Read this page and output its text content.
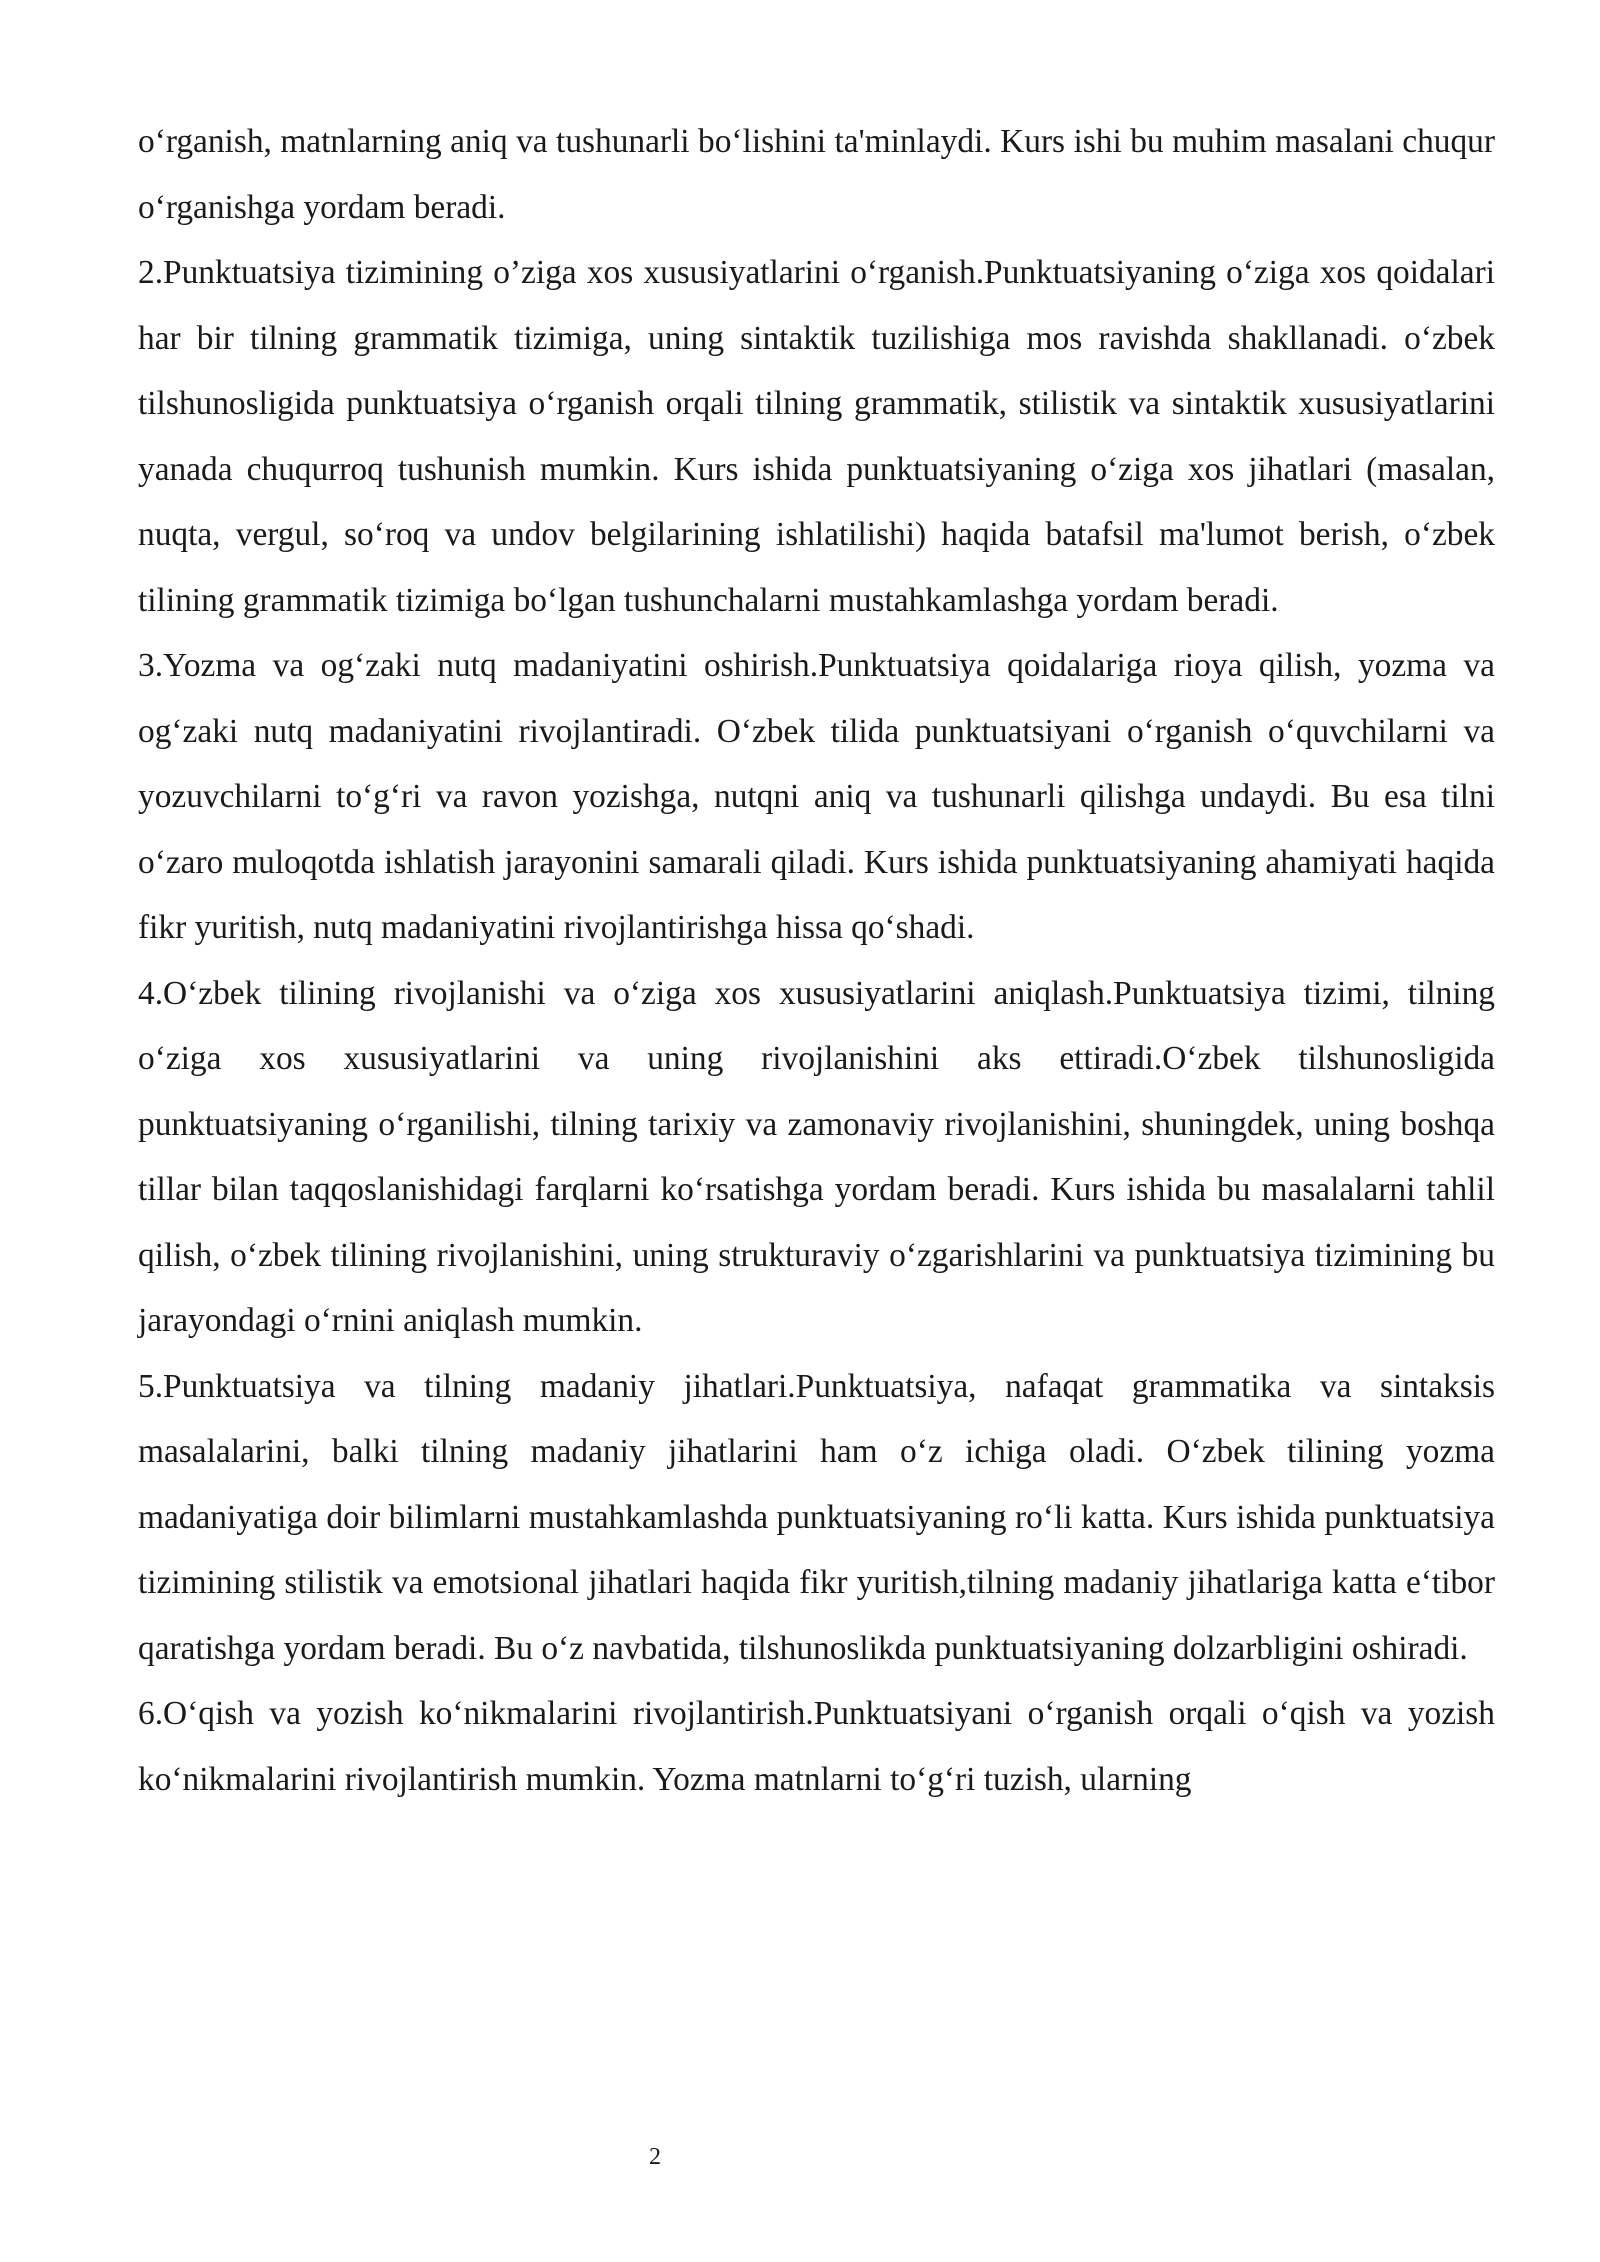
oʻrganish, matnlarning aniq va tushunarli boʻlishini ta'minlaydi. Kurs ishi bu muhim masalani chuqur oʻrganishga yordam beradi.

2.Punktuatsiya tizimining o’ziga xos xususiyatlarini oʻrganish.Punktuatsiyaning oʻziga xos qoidalari har bir tilning grammatik tizimiga, uning sintaktik tuzilishiga mos ravishda shakllanadi. oʻzbek tilshunosligida punktuatsiya oʻrganish orqali tilning grammatik, stilistik va sintaktik xususiyatlarini yanada chuqurroq tushunish mumkin. Kurs ishida punktuatsiyaning oʻziga xos jihatlari (masalan, nuqta, vergul, soʻroq va undov belgilarining ishlatilishi) haqida batafsil ma'lumot berish, oʻzbek tilining grammatik tizimiga boʻlgan tushunchalarni mustahkamlashga yordam beradi.

3.Yozma va ogʻzaki nutq madaniyatini oshirish.Punktuatsiya qoidalariga rioya qilish, yozma va ogʻzaki nutq madaniyatini rivojlantiradi. Oʻzbek tilida punktuatsiyani oʻrganish oʻquvchilarni va yozuvchilarni toʻgʻri va ravon yozishga, nutqni aniq va tushunarli qilishga undaydi. Bu esa tilni oʻzaro muloqotda ishlatish jarayonini samarali qiladi. Kurs ishida punktuatsiyaning ahamiyati haqida fikr yuritish, nutq madaniyatini rivojlantirishga hissa qoʻshadi.

4.Oʻzbek tilining rivojlanishi va oʻziga xos xususiyatlarini aniqlash.Punktuatsiya tizimi, tilning oʻziga xos xususiyatlarini va uning rivojlanishini aks ettiradi.Oʻzbek tilshunosligida punktuatsiyaning oʻrganilishi, tilning tarixiy va zamonaviy rivojlanishini, shuningdek, uning boshqa tillar bilan taqqoslanishidagi farqlarni koʻrsatishga yordam beradi. Kurs ishida bu masalalarni tahlil qilish, oʻzbek tilining rivojlanishini, uning strukturaviy oʻzgarishlarini va punktuatsiya tizimining bu jarayondagi oʻrnini aniqlash mumkin.

5.Punktuatsiya va tilning madaniy jihatlari.Punktuatsiya, nafaqat grammatika va sintaksis masalalarini, balki tilning madaniy jihatlarini ham oʻz ichiga oladi. Oʻzbek tilining yozma madaniyatiga doir bilimlarni mustahkamlashda punktuatsiyaning roʻli katta. Kurs ishida punktuatsiya tizimining stilistik va emotsional jihatlari haqida fikr yuritish,tilning madaniy jihatlariga katta eʻtibor qaratishga yordam beradi. Bu oʻz navbatida, tilshunoslikda punktuatsiyaning dolzarbligini oshiradi.

6.Oʻqish va yozish koʻnikmalarini rivojlantirish.Punktuatsiyani oʻrganish orqali oʻqish va yozish koʻnikmalarini rivojlantirish mumkin. Yozma matnlarni toʻgʻri tuzish, ularning

2
